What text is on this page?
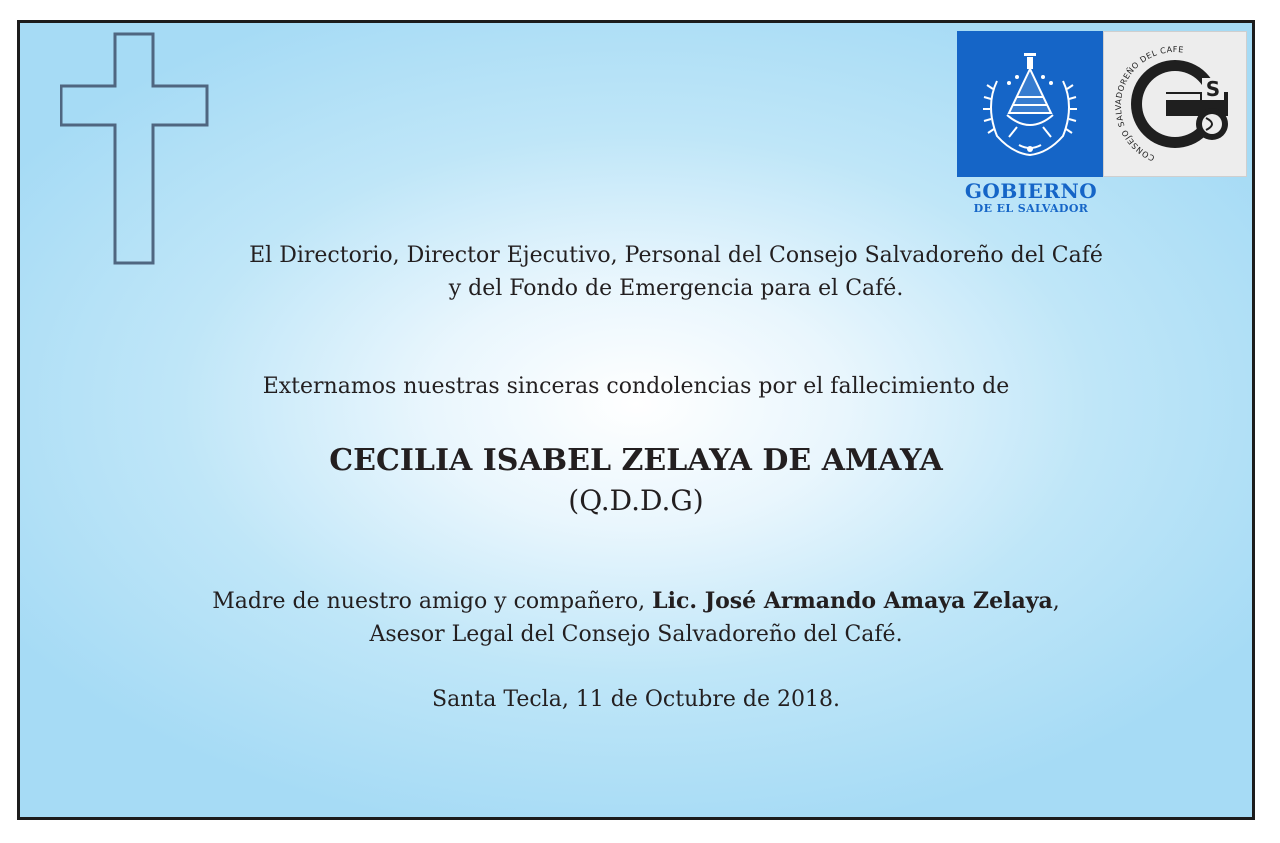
CONSEJO SALVADOREÑO DEL CAFE
S
GOBIERNO
DE EL SALVADOR
El Directorio, Director Ejecutivo, Personal del Consejo Salvadoreño del Café
y del Fondo de Emergencia para el Café.
Externamos nuestras sinceras condolencias por el fallecimiento de
CECILIA ISABEL ZELAYA DE AMAYA
(Q.D.D.G)
Madre de nuestro amigo y compañero, Lic. José Armando Amaya Zelaya,
Asesor Legal del Consejo Salvadoreño del Café.
Santa Tecla, 11 de Octubre de 2018.
